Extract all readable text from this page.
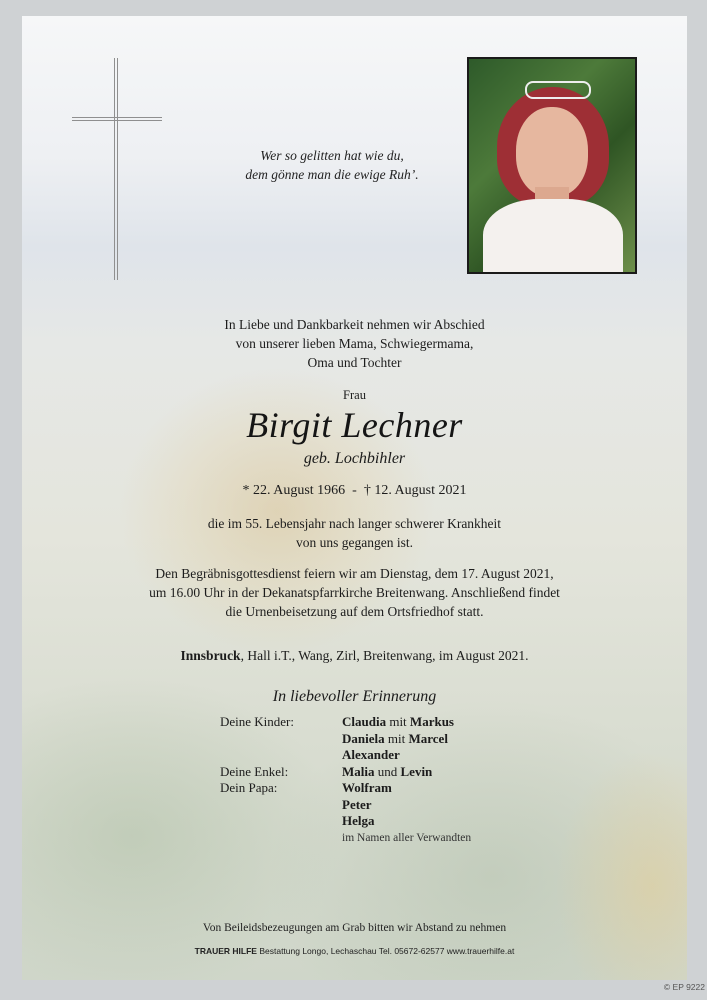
Wer so gelitten hat wie du,
dem gönne man die ewige Ruh’.
In Liebe und Dankbarkeit nehmen wir Abschied
von unserer lieben Mama, Schwiegermama,
Oma und Tochter
Frau
Birgit Lechner
geb. Lochbihler
* 22. August 1966  -  † 12. August 2021
die im 55. Lebensjahr nach langer schwerer Krankheit
von uns gegangen ist.
Den Begräbnisgottesdienst feiern wir am Dienstag, dem 17. August 2021,
um 16.00 Uhr in der Dekanatspfarrkirche Breitenwang. Anschließend findet
die Urnenbeisetzung auf dem Ortsfriedhof statt.
Innsbruck, Hall i.T., Wang, Zirl, Breitenwang, im August 2021.
In liebevoller Erinnerung
Deine Kinder:	Claudia mit Markus
Daniela mit Marcel
Alexander
Deine Enkel:	Malia und Levin
Dein Papa:	Wolfram
Peter
Helga
im Namen aller Verwandten
Von Beileidsbezeugungen am Grab bitten wir Abstand zu nehmen
TRAUER HILFE Bestattung Longo, Lechaschau Tel. 05672-62577 www.trauerhilfe.at
© EP 9222
